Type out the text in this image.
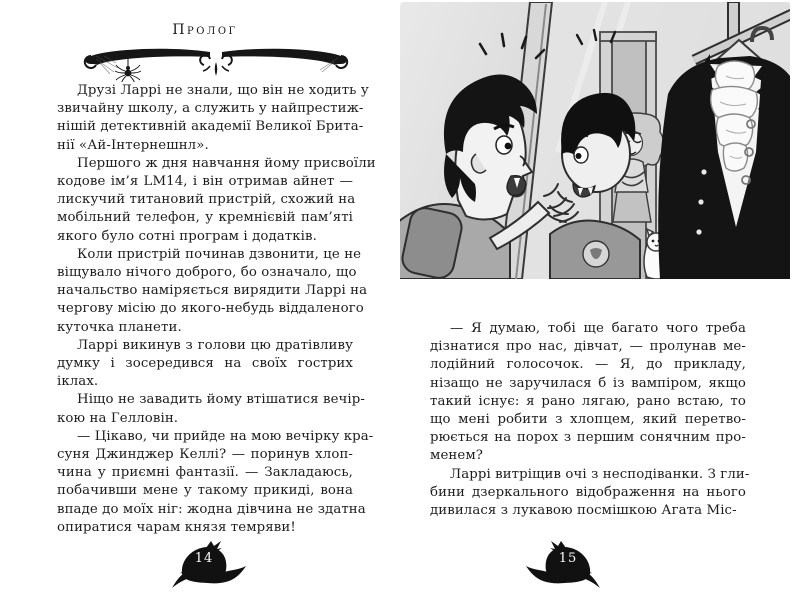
Пролог
Друзі Ларрі не знали, що він не ходить у
звичайну школу, а служить у найпрестиж-
нішій детективній академії Великої Брита-
нії «Ай-Інтернешнл».
Першого ж дня навчання йому присвоїли
кодове ім’я LM14, і він отримав айнет —
лискучий титановий пристрій, схожий на
мобільний телефон, у кремнієвій пам’яті
якого було сотні програм і додатків.
Коли пристрій починав дзвонити, це не
віщувало нічого доброго, бо означало, що
начальство наміряється вирядити Ларрі на
чергову місію до якого-небудь віддаленого
куточка планети.
Ларрі викинув з голови цю дратівливу
думку і зосередився на своїх гострих іклах.
Ніщо не завадить йому втішатися вечір-
кою на Гелловін.
— Цікаво, чи прийде на мою вечірку кра-
суня Джинджер Келлі? — поринув хлоп-
чина у приємні фантазії. — Закладаюсь,
побачивши мене у такому прикиді, вона
впаде до моїх ніг: жодна дівчина не здатна
опиратися чарам князя темряви!
14
— Я думаю, тобі ще багато чого треба
дізнатися про нас, дівчат, — пролунав ме-
лодійний голосочок. — Я, до прикладу,
нізащо не заручилася б із вампіром, якщо
такий існує: я рано лягаю, рано встаю, то
що мені робити з хлопцем, який перетво-
рюється на порох з першим сонячним про-
менем?
Ларрі витріщив очі з несподіванки. З гли-
бини дзеркального відображення на нього
дивилася з лукавою посмішкою Агата Міс-
15
